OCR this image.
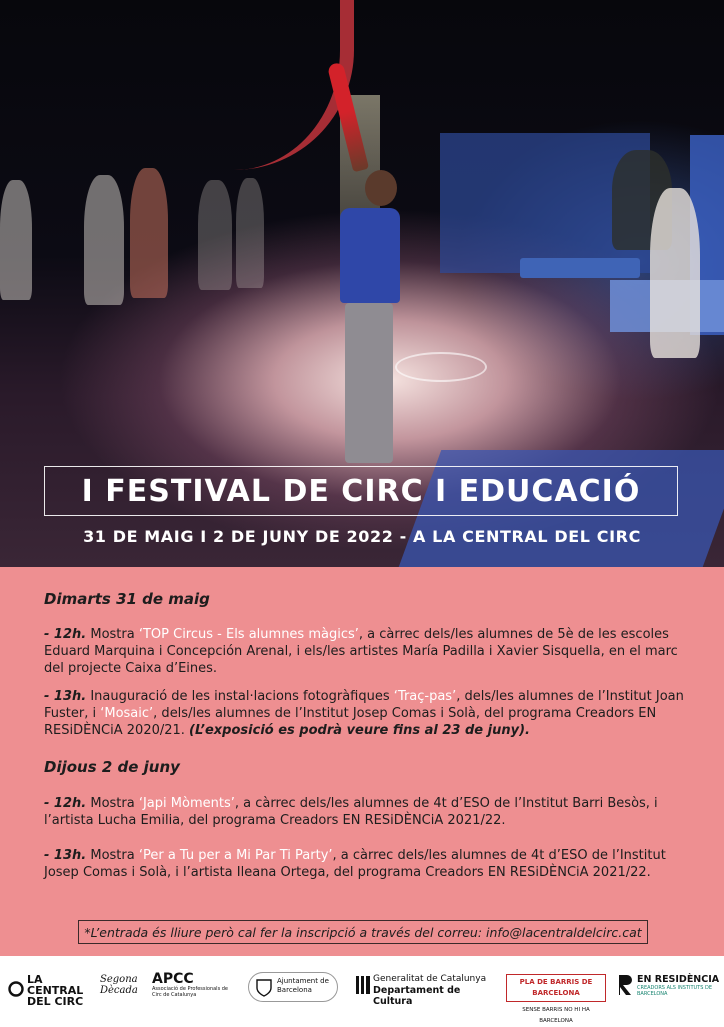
I FESTIVAL DE CIRC I EDUCACIÓ
31 DE MAIG I 2 DE JUNY DE 2022 - A LA CENTRAL DEL CIRC
Dimarts 31 de maig
- 12h. Mostra ‘TOP Circus - Els alumnes màgics’, a càrrec dels/les alumnes de 5è de les escoles Eduard Marquina i Concepción Arenal, i els/les artistes María Padilla i Xavier Sisquella, en el marc del projecte Caixa d’Eines.
- 13h. Inauguració de les instal·lacions fotogràfiques ‘Traç-pas’, dels/les alumnes de l’Institut Joan Fuster, i ‘Mosaic’, dels/les alumnes de l’Institut Josep Comas i Solà, del programa Creadors EN RESiDÈNCiA 2020/21. (L’exposició es podrà veure fins al 23 de juny).
Dijous 2 de juny
- 12h. Mostra ‘Japi Mòments’, a càrrec dels/les alumnes de 4t d’ESO de l’Institut Barri Besòs, i l’artista Lucha Emilia, del programa Creadors EN RESiDÈNCiA 2021/22.
- 13h. Mostra ‘Per a Tu per a Mi Par Ti Party’, a càrrec dels/les alumnes de 4t d’ESO de l’Institut Josep Comas i Solà, i l’artista Ileana Ortega, del programa Creadors EN RESiDÈNCiA 2021/22.
*L’entrada és lliure però cal fer la inscripció a través del correu: info@lacentraldelcirc.cat
LA CENTRAL DEL CIRC
Segona Dècada
APCC

Associació de Professionals de Circ de Catalunya
Ajuntament de Barcelona
Generalitat de Catalunya
Departament de Cultura
PLA DE BARRIS DE BARCELONA
SENSE BARRIS NO HI HA BARCELONA
EN RESIDÈNCIA
CREADORS ALS INSTITUTS DE BARCELONA
